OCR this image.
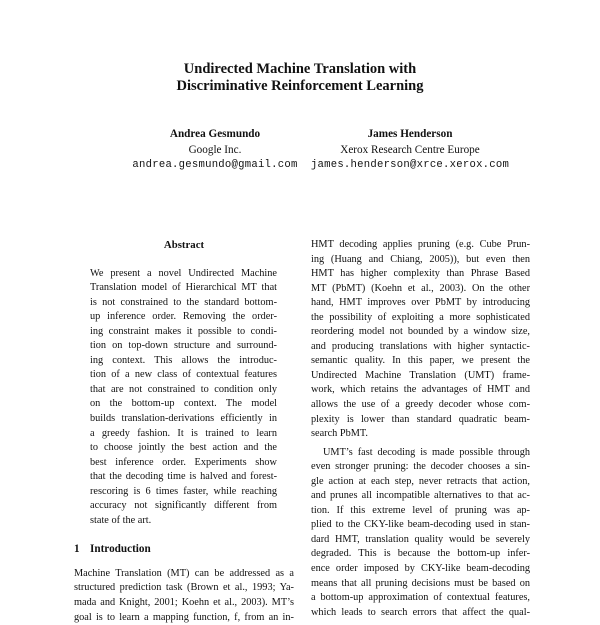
Undirected Machine Translation with
Discriminative Reinforcement Learning
Andrea Gesmundo
Google Inc.
andrea.gesmundo@gmail.com
James Henderson
Xerox Research Centre Europe
james.henderson@xrce.xerox.com
Abstract
We present a novel Undirected Machine
Translation model of Hierarchical MT that
is not constrained to the standard bottom-
up inference order. Removing the order-
ing constraint makes it possible to condi-
tion on top-down structure and surround-
ing context. This allows the introduc-
tion of a new class of contextual features
that are not constrained to condition only
on the bottom-up context. The model
builds translation-derivations efficiently in
a greedy fashion. It is trained to learn
to choose jointly the best action and the
best inference order. Experiments show
that the decoding time is halved and forest-
rescoring is 6 times faster, while reaching
accuracy not significantly different from
state of the art.
1 Introduction
Machine Translation (MT) can be addressed as a
structured prediction task (Brown et al., 1993; Ya-
mada and Knight, 2001; Koehn et al., 2003). MT’s
goal is to learn a mapping function, f, from an in-
HMT decoding applies pruning (e.g. Cube Prun-
ing (Huang and Chiang, 2005)), but even then
HMT has higher complexity than Phrase Based
MT (PbMT) (Koehn et al., 2003). On the other
hand, HMT improves over PbMT by introducing
the possibility of exploiting a more sophisticated
reordering model not bounded by a window size,
and producing translations with higher syntactic-
semantic quality. In this paper, we present the
Undirected Machine Translation (UMT) frame-
work, which retains the advantages of HMT and
allows the use of a greedy decoder whose com-
plexity is lower than standard quadratic beam-
search PbMT.
UMT’s fast decoding is made possible through
even stronger pruning: the decoder chooses a sin-
gle action at each step, never retracts that action,
and prunes all incompatible alternatives to that ac-
tion. If this extreme level of pruning was ap-
plied to the CKY-like beam-decoding used in stan-
dard HMT, translation quality would be severely
degraded. This is because the bottom-up infer-
ence order imposed by CKY-like beam-decoding
means that all pruning decisions must be based on
a bottom-up approximation of contextual features,
which leads to search errors that affect the qual-
